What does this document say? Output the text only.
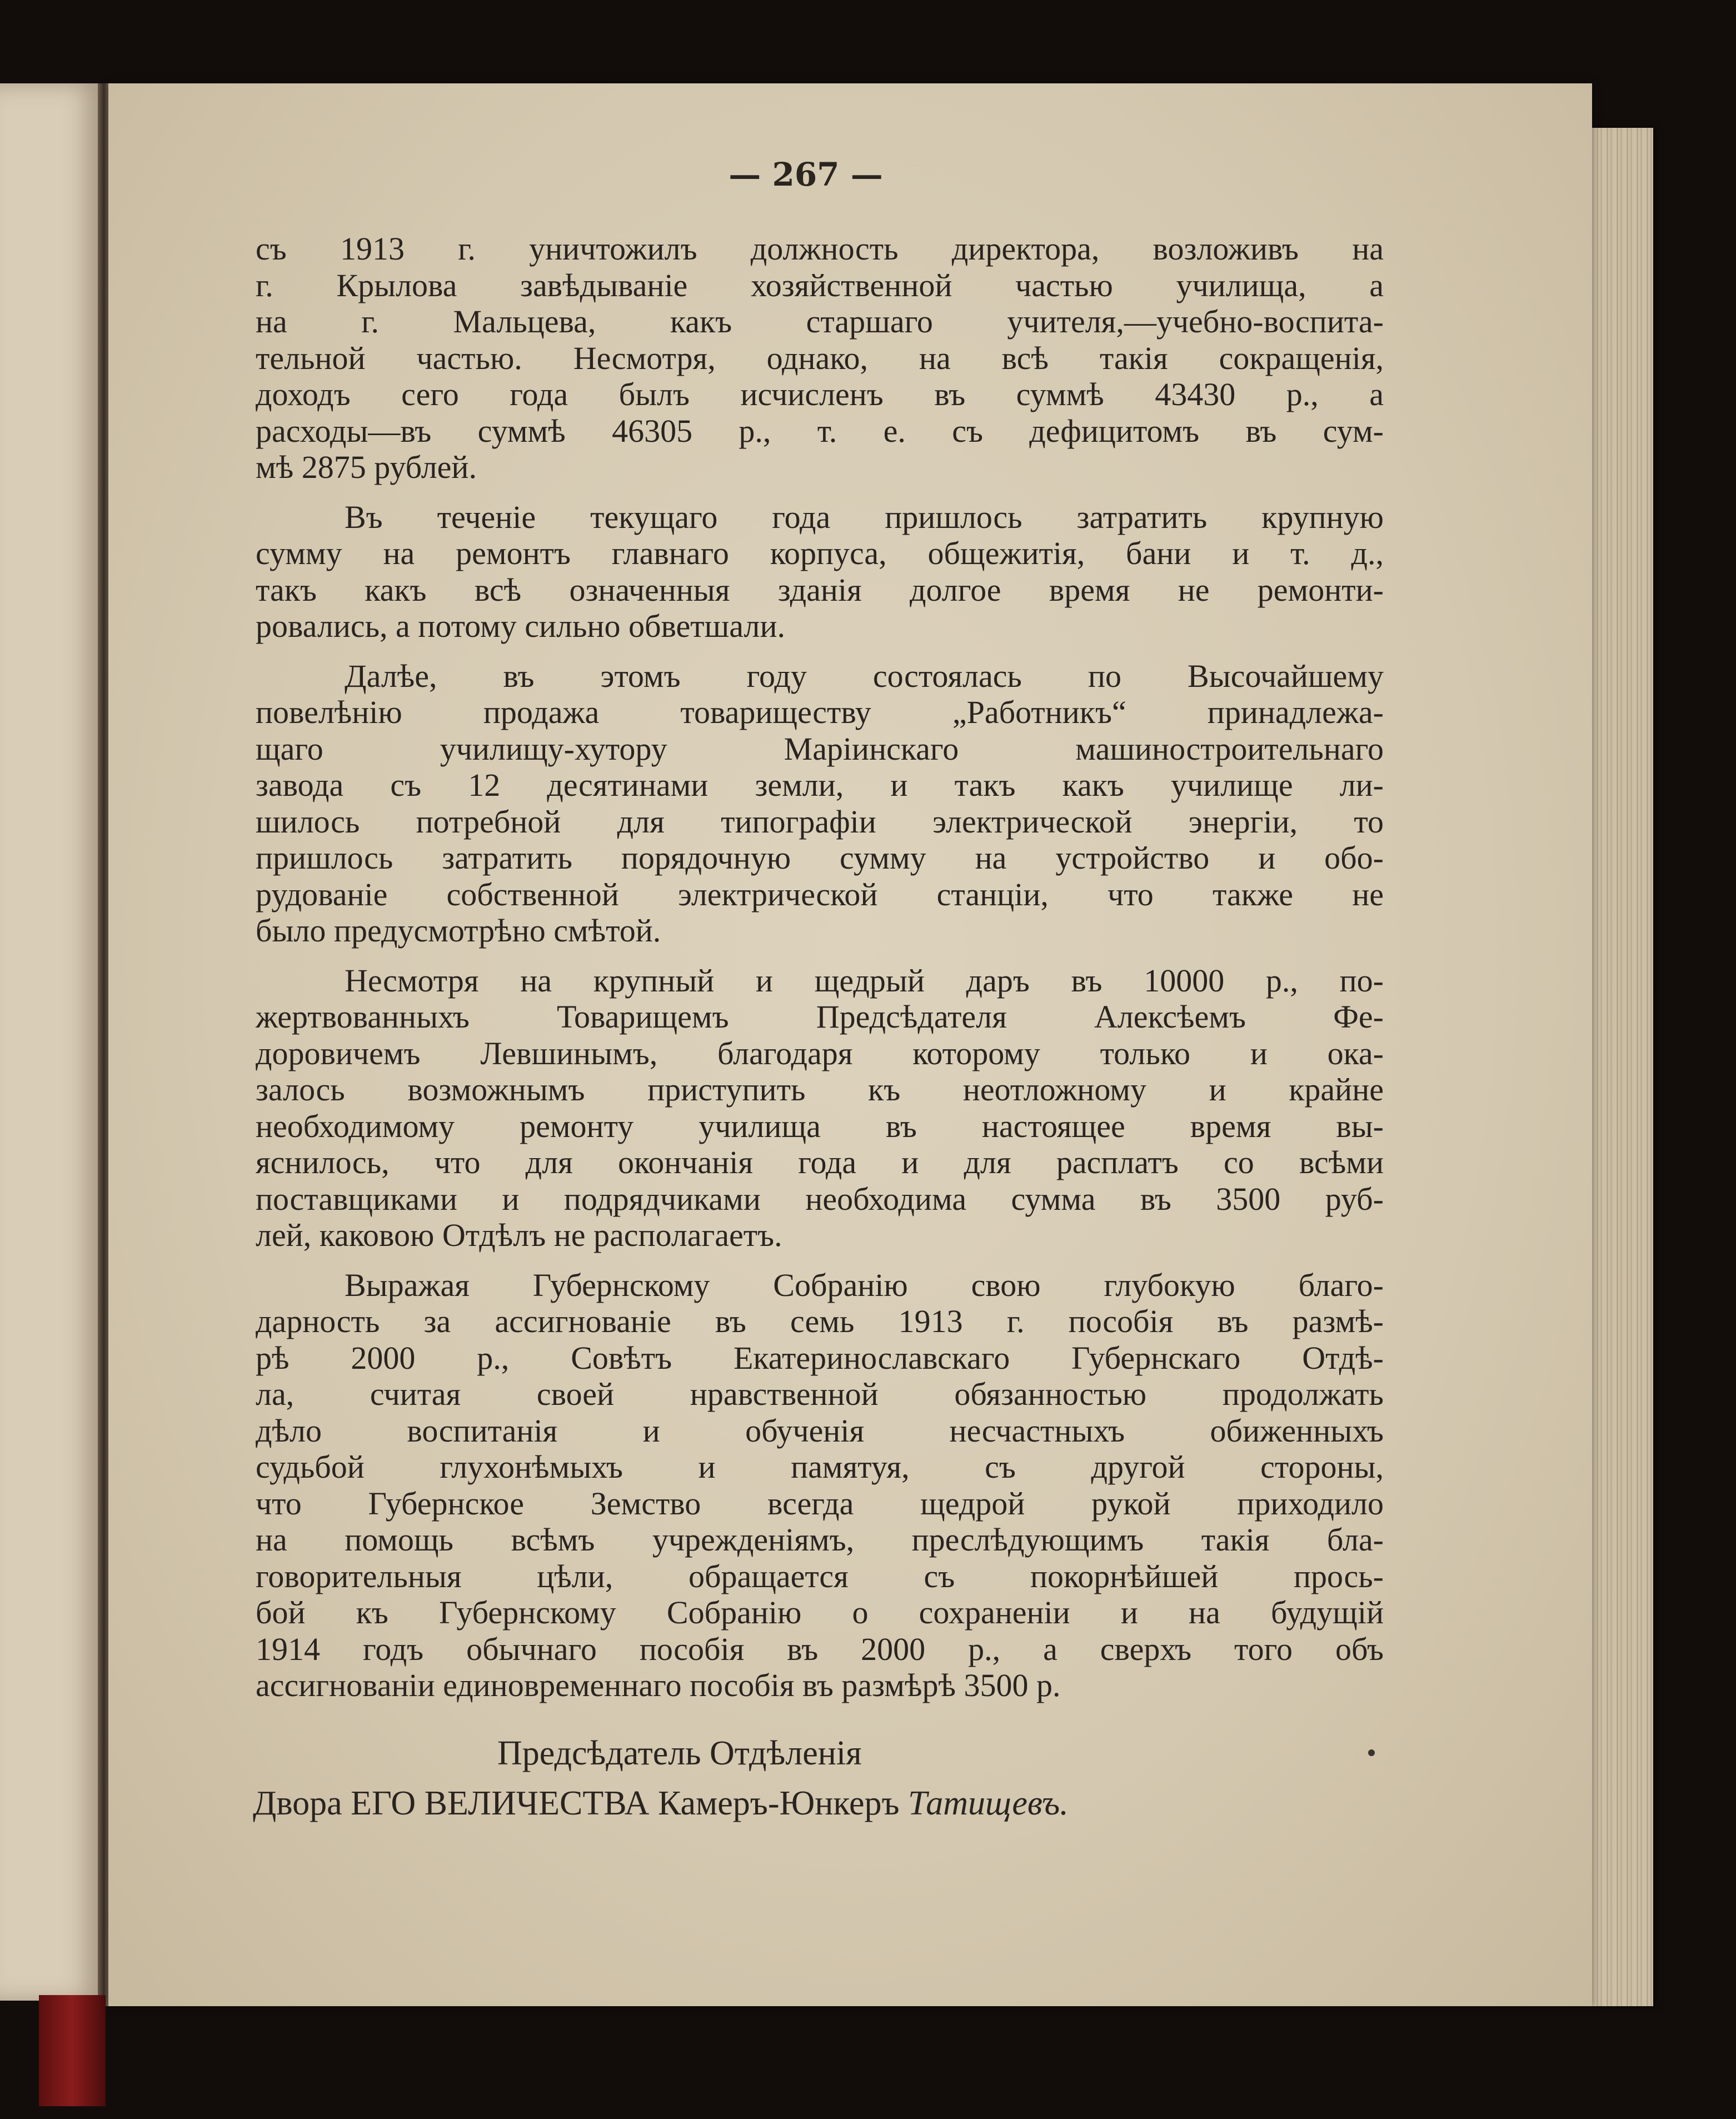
— 267 —

съ 1913 г. уничтожилъ должность директора, возложивъ на

г. Крылова завѣдываніе хозяйственной частью училища, а

на г. Мальцева, какъ старшаго учителя,—учебно-воспита-

тельной частью. Несмотря, однако, на всѣ такія сокращенія,

доходъ сего года былъ исчисленъ въ суммѣ 43430 р., а

расходы—въ суммѣ 46305 р., т. е. съ дефицитомъ въ сум-

мѣ 2875 рублей.

Въ теченіе текущаго года пришлось затратить крупную

сумму на ремонтъ главнаго корпуса, общежитія, бани и т. д.,

такъ какъ всѣ означенныя зданія долгое время не ремонти-

ровались, а потому сильно обветшали.

Далѣе, въ этомъ году состоялась по Высочайшему

повелѣнію продажа товариществу „Работникъ“ принадлежа-

щаго училищу-хутору Маріинскаго машиностроительнаго

завода съ 12 десятинами земли, и такъ какъ училище ли-

шилось потребной для типографіи электрической энергіи, то

пришлось затратить порядочную сумму на устройство и обо-

рудованіе собственной электрической станціи, что также не

было предусмотрѣно смѣтой.

Несмотря на крупный и щедрый даръ въ 10000 р., по-

жертвованныхъ Товарищемъ Предсѣдателя Алексѣемъ Фе-

доровичемъ Левшинымъ, благодаря которому только и ока-

залось возможнымъ приступить къ неотложному и крайне

необходимому ремонту училища въ настоящее время вы-

яснилось, что для окончанія года и для расплатъ со всѣми

поставщиками и подрядчиками необходима сумма въ 3500 руб-

лей, каковою Отдѣлъ не располагаетъ.

Выражая Губернскому Собранію свою глубокую благо-

дарность за ассигнованіе въ семь 1913 г. пособія въ размѣ-

рѣ 2000 р., Совѣтъ Екатеринославскаго Губернскаго Отдѣ-

ла, считая своей нравственной обязанностью продолжать

дѣло воспитанія и обученія несчастныхъ обиженныхъ

судьбой глухонѣмыхъ и памятуя, съ другой стороны,

что Губернское Земство всегда щедрой рукой приходило

на помощь всѣмъ учрежденіямъ, преслѣдующимъ такія бла-

говорительныя цѣли, обращается съ покорнѣйшей прось-

бой къ Губернскому Собранію о сохраненіи и на будущій

1914 годъ обычнаго пособія въ 2000 р., а сверхъ того объ

ассигнованіи единовременнаго пособія въ размѣрѣ 3500 р.

Предсѣдатель Отдѣленія
Двора ЕГО ВЕЛИЧЕСТВА Камеръ-Юнкеръ Татищевъ.
